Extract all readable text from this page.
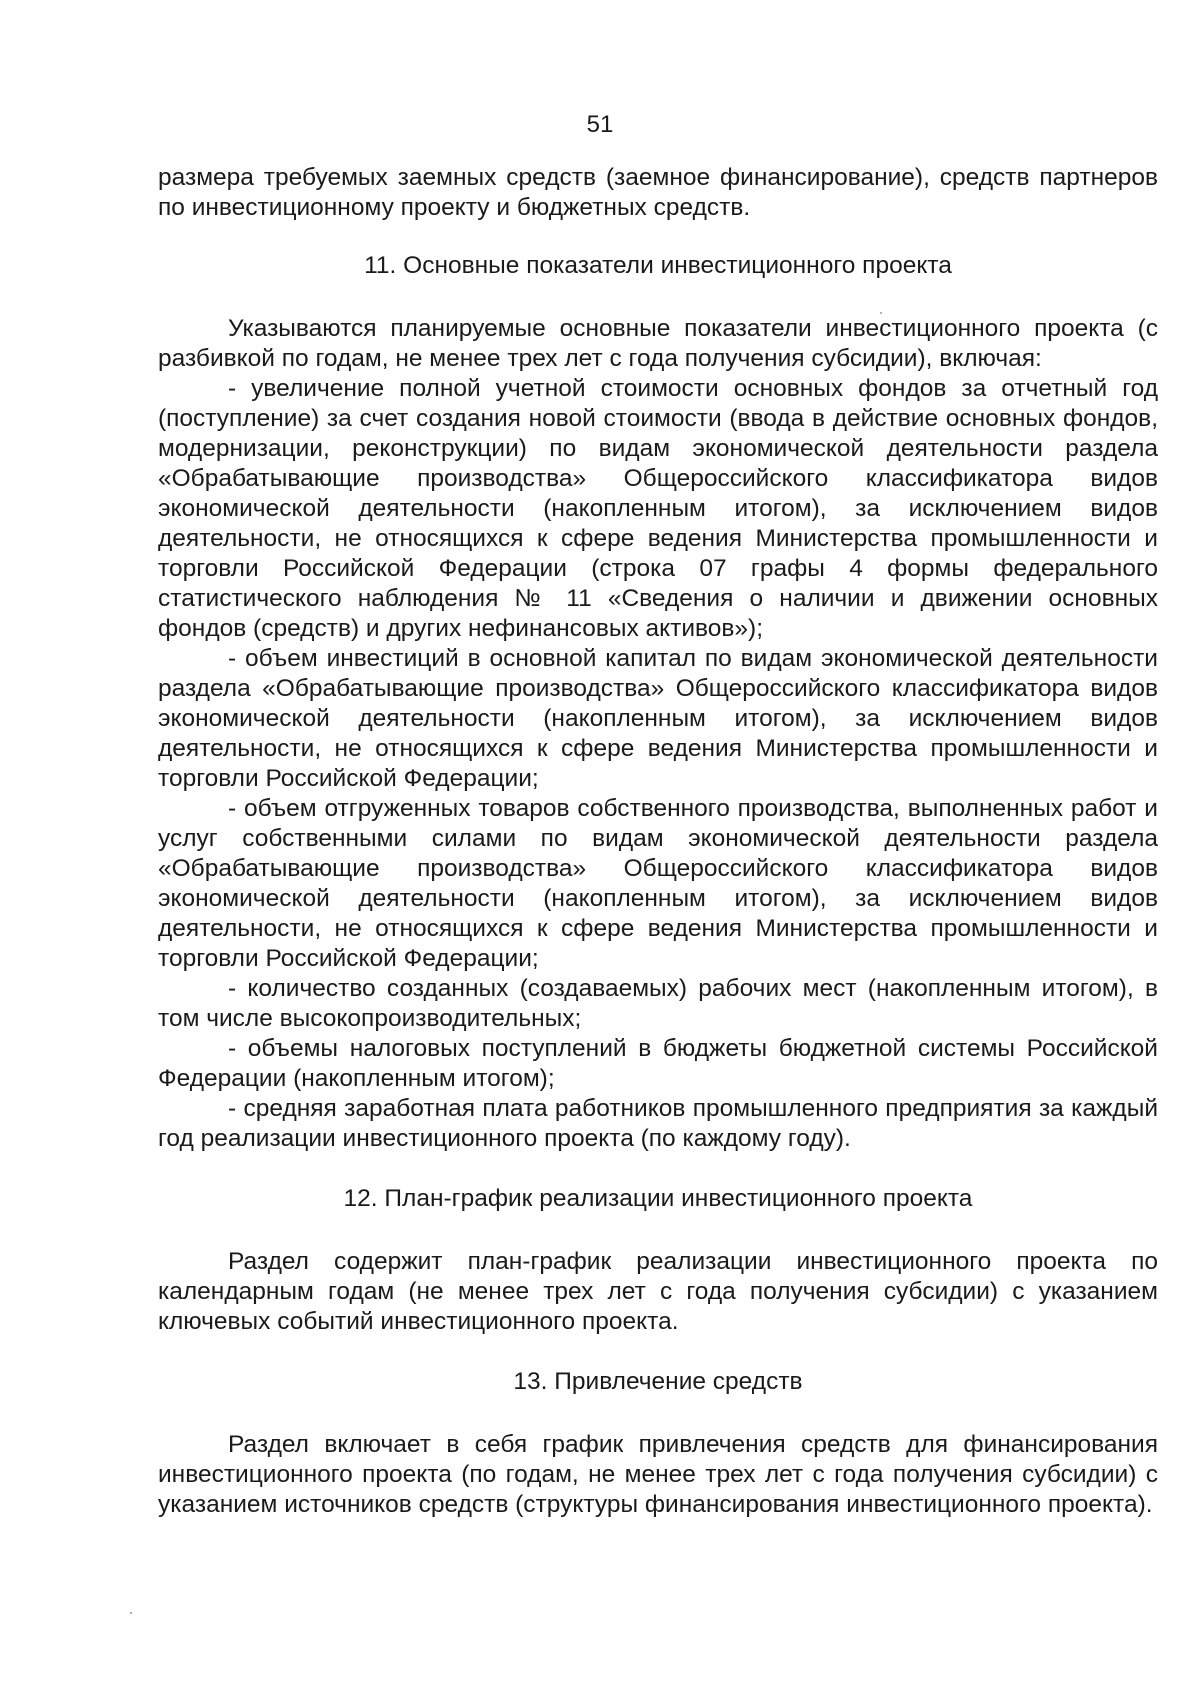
51

размера требуемых заемных средств (заемное финансирование), средств партнеров по инвестиционному проекту и бюджетных средств.

11. Основные показатели инвестиционного проекта

Указываются планируемые основные показатели инвестиционного проекта (с разбивкой по годам, не менее трех лет с года получения субсидии), включая:

- увеличение полной учетной стоимости основных фондов за отчетный год (поступление) за счет создания новой стоимости (ввода в действие основных фондов, модернизации, реконструкции) по видам экономической деятельности раздела «Обрабатывающие производства» Общероссийского классификатора видов экономической деятельности (накопленным итогом), за исключением видов деятельности, не относящихся к сфере ведения Министерства промышленности и торговли Российской Федерации (строка 07 графы 4 формы федерального статистического наблюдения № 11 «Сведения о наличии и движении основных фондов (средств) и других нефинансовых активов»);

- объем инвестиций в основной капитал по видам экономической деятельности раздела «Обрабатывающие производства» Общероссийского классификатора видов экономической деятельности (накопленным итогом), за исключением видов деятельности, не относящихся к сфере ведения Министерства промышленности и торговли Российской Федерации;

- объем отгруженных товаров собственного производства, выполненных работ и услуг собственными силами по видам экономической деятельности раздела «Обрабатывающие производства» Общероссийского классификатора видов экономической деятельности (накопленным итогом), за исключением видов деятельности, не относящихся к сфере ведения Министерства промышленности и торговли Российской Федерации;

- количество созданных (создаваемых) рабочих мест (накопленным итогом), в том числе высокопроизводительных;

- объемы налоговых поступлений в бюджеты бюджетной системы Российской Федерации (накопленным итогом);

- средняя заработная плата работников промышленного предприятия за каждый год реализации инвестиционного проекта (по каждому году).

12. План-график реализации инвестиционного проекта

Раздел содержит план-график реализации инвестиционного проекта по календарным годам (не менее трех лет с года получения субсидии) с указанием ключевых событий инвестиционного проекта.

13. Привлечение средств

Раздел включает в себя график привлечения средств для финансирования инвестиционного проекта (по годам, не менее трех лет с года получения субсидии) с указанием источников средств (структуры финансирования инвестиционного проекта).
